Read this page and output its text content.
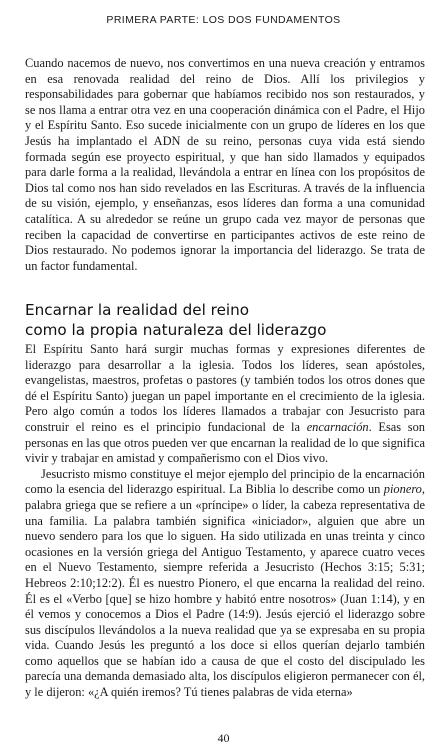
PRIMERA PARTE: LOS DOS FUNDAMENTOS

Cuando nacemos de nuevo, nos convertimos en una nueva creación y entramos en esa renovada realidad del reino de Dios. Allí los privilegios y responsabilidades para gobernar que habíamos recibido nos son restaurados, y se nos llama a entrar otra vez en una cooperación dinámica con el Padre, el Hijo y el Espíritu Santo. Eso sucede inicialmente con un grupo de líderes en los que Jesús ha implantado el ADN de su reino, personas cuya vida está siendo formada según ese proyecto espiritual, y que han sido llamados y equipados para darle forma a la realidad, llevándola a entrar en línea con los propósitos de Dios tal como nos han sido revelados en las Escrituras. A través de la influencia de su visión, ejemplo, y enseñanzas, esos líderes dan forma a una comunidad catalítica. A su alrededor se reúne un grupo cada vez mayor de personas que reciben la capacidad de convertirse en participantes activos de este reino de Dios restaurado. No podemos ignorar la importancia del liderazgo. Se trata de un factor fundamental.

Encarnar la realidad del reino
como la propia naturaleza del liderazgo

El Espíritu Santo hará surgir muchas formas y expresiones diferentes de liderazgo para desarrollar a la iglesia. Todos los líderes, sean apóstoles, evangelistas, maestros, profetas o pastores (y también todos los otros dones que dé el Espíritu Santo) juegan un papel importante en el crecimiento de la iglesia. Pero algo común a todos los líderes llamados a trabajar con Jesucristo para construir el reino es el principio fundacional de la encarnación. Esas son personas en las que otros pueden ver que encarnan la realidad de lo que significa vivir y trabajar en amistad y compañerismo con el Dios vivo.

Jesucristo mismo constituye el mejor ejemplo del principio de la encarnación como la esencia del liderazgo espiritual. La Biblia lo describe como un pionero, palabra griega que se refiere a un «príncipe» o líder, la cabeza representativa de una familia. La palabra también significa «iniciador», alguien que abre un nuevo sendero para los que lo siguen. Ha sido utilizada en unas treinta y cinco ocasiones en la versión griega del Antiguo Testamento, y aparece cuatro veces en el Nuevo Testamento, siempre referida a Jesucristo (Hechos 3:15; 5:31; Hebreos 2:10;12:2). Él es nuestro Pionero, el que encarna la realidad del reino. Él es el «Verbo [que] se hizo hombre y habitó entre nosotros» (Juan 1:14), y en él vemos y conocemos a Dios el Padre (14:9). Jesús ejerció el liderazgo sobre sus discípulos llevándolos a la nueva realidad que ya se expresaba en su propia vida. Cuando Jesús les preguntó a los doce si ellos querían dejarlo también como aquellos que se habían ido a causa de que el costo del discipulado les parecía una demanda demasiado alta, los discípulos eligieron permanecer con él, y le dijeron: «¿A quién iremos? Tú tienes palabras de vida eterna»

40
